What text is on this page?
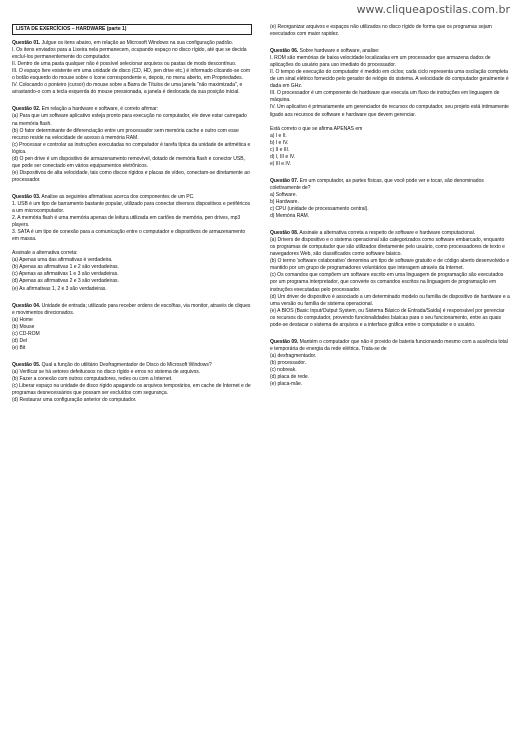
www.cliqueapostilas.com.br
LISTA DE EXERCÍCIOS – HARDWARE (parte 1)

Questão 01. Julgue os itens abaixo, em relação ao Microsoft Windows na sua configuração padrão.

I. Os itens enviados para a Lixeira nela permanecem, ocupando espaço no disco rígido, até que se decida excluí-los permanentemente do computador.

II. Dentro de uma pasta qualquer não é possível selecionar arquivos ou pastas de modo descontínuo.

III. O espaço livre existente em uma unidade de disco (CD, HD, pen drive etc.) é informado clicando-se com o botão esquerdo do mouse sobre o ícone correspondente e, depois, no menu aberto, em Propriedades.

IV. Colocando o ponteiro (cursor) do mouse sobre a Barra de Títulos de uma janela "não maximizada", e arrastando-o com a tecla esquerda do mouse pressionada, a janela é deslocada da sua posição inicial.

Questão 02. Em relação a hardware e software, é correto afirmar:

(a) Para que um software aplicativo esteja pronto para execução no computador, ele deve estar carregado na memória flash.

(b) O fator determinante de diferenciação entre um processador sem memória cache e outro com esse recurso reside na velocidade de acesso à memória RAM.

(c) Processar e controlar as instruções executadas no computador é tarefa típica da unidade de aritmética e lógica.

(d) O pen drive é um dispositivo de armazenamento removível, dotado de memória flash e conector USB, que pode ser conectado em vários equipamentos eletrônicos.

(e) Dispositivos de alta velocidade, tais como discos rígidos e placas de vídeo, conectam-se diretamente ao processador.

Questão 03. Analise as seguintes afirmativas acerca dos componentes de um PC.

1. USB é um tipo de barramento bastante popular, utilizado para conectar diversos dispositivos e periféricos a um microcomputador.

2. A memória flash é uma memória apenas de leitura utilizada em cartões de memória, pen drives, mp3 players.

3. SATA é um tipo de conexão para a comunicação entre o computador e dispositivos de armazenamento em massa.

Assinale a alternativa correta:

(a) Apenas uma das afirmativas é verdadeira.

(b) Apenas as afirmativas 1 e 2 são verdadeiras.

(c) Apenas as afirmativas 1 e 3 são verdadeiras.

(d) Apenas as afirmativas 2 e 3 são verdadeiras.

(e) As afirmativas 1, 2 e 3 são verdadeiras.

Questão 04. Unidade de entrada; utilizado para receber ordens de escolhas, via monitor, através de cliques e movimentos direcionados.

(a) Home

(b) Mouse

(c) CD-ROM

(d) Del

(e) Bit

Questão 05. Qual a função do utilitário Desfragmentador de Disco do Microsoft Windows?

(a) Verificar se há setores defeituosos no disco rígido e erros no sistema de arquivos.

(b) Fazer a conexão com outros computadores, redes ou com a Internet.

(c) Liberar espaço na unidade de disco rígido apagando os arquivos temporários, em cache de Internet e de programas desnecessários que possam ser excluídos com segurança.

(d) Restaurar uma configuração anterior do computador.

(e) Reorganizar arquivos e espaços não utilizados no disco rígido de forma que os programas sejam executados com maior rapidez.

Questão 06. Sobre hardware e software, analise:

I. ROM são memórias de baixa velocidade localizadas em um processador que armazena dados de aplicações do usuário para uso imediato do processador.

II. O tempo de execução do computador é medido em ciclos; cada ciclo representa uma oscilação completa de um sinal elétrico fornecido pelo gerador de relógio do sistema. A velocidade do computador geralmente é dada em GHz.

III. O processador é um componente de hardware que executa um fluxo de instruções em linguagem de máquina.

IV. Um aplicativo é primariamente um gerenciador de recursos do computador, seu projeto está intimamente ligado aos recursos de software e hardware que devem gerenciar.

Está correto o que se afirma APENAS em

a) I e II.

b) I e IV.

c) II e III.

d) I, III e IV.

e) III e IV.

Questão 07. Em um computador, as partes físicas, que você pode ver e tocar, são denominados coletivamente de?

a) Software.

b) Hardware.

c) CPU (unidade de processamento central).

d) Memória RAM.

Questão 08. Assinale a alternativa correta a respeito de software e hardware computacional.

(a) Drivers de dispositivo e o sistema operacional são categorizados como software embarcado, enquanto os programas de computador que são utilizados diretamente pelo usuário, como processadores de texto e navegadores Web, são classificados como software básico.

(b) O termo 'software colaborativo' denomina um tipo de software gratuito e de código aberto desenvolvido e mantido por um grupo de programadores voluntários que interagem através da Internet.

(c) Os comandos que compõem um software escrito em uma linguagem de programação são executados por um programa interpretador, que converte os comandos escritos na linguagem de programação em instruções executadas pelo processador.

(d) Um driver de dispositivo é associado a um determinado modelo ou família de dispositivo de hardware e a uma versão ou família de sistema operacional.

(e) A BIOS (Basic Input/Output System, ou Sistema Básico de Entrada/Saída) é responsável por gerenciar os recursos do computador, provendo funcionalidades básicas para o seu funcionamento, entre as quais pode-se destacar o sistema de arquivos e a interface gráfica entre o computador e o usuário.

Questão 09. Mantém o computador que não é provido de bateria funcionando mesmo com a ausência total e temporária de energia da rede elétrica. Trata-se de

(a) desfragmentador.

(b) processador.

(c) nobreak.

(d) placa de rede.

(e) placa-mãe.
